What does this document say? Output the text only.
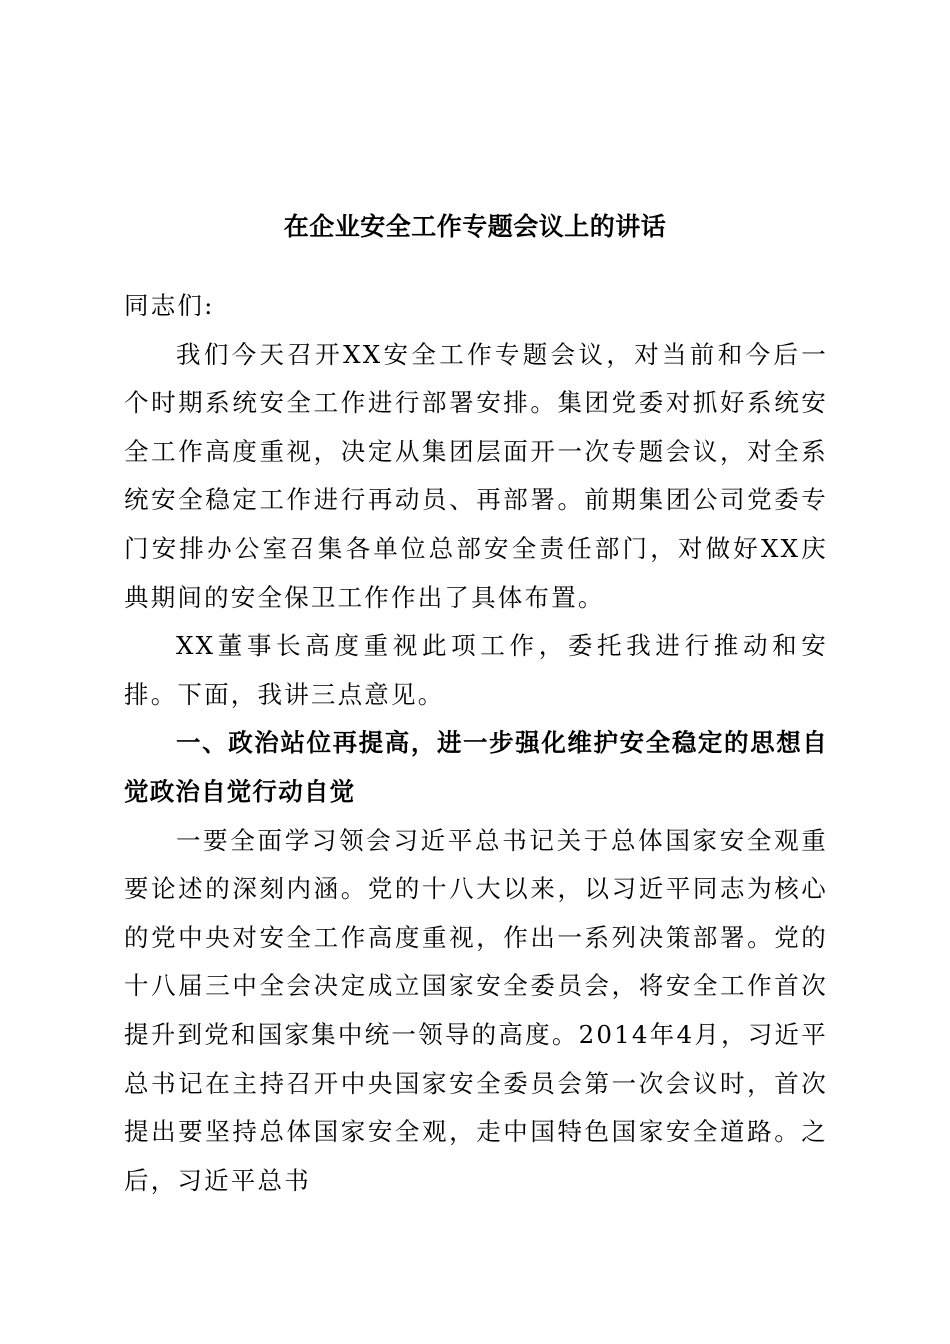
在企业安全工作专题会议上的讲话

同志们:

我们今天召开XX安全工作专题会议，对当前和今后一个时期系统安全工作进行部署安排。集团党委对抓好系统安全工作高度重视，决定从集团层面开一次专题会议，对全系统安全稳定工作进行再动员、再部署。前期集团公司党委专门安排办公室召集各单位总部安全责任部门，对做好XX庆典期间的安全保卫工作作出了具体布置。

XX董事长高度重视此项工作，委托我进行推动和安排。下面，我讲三点意见。

一、政治站位再提高，进一步强化维护安全稳定的思想自觉政治自觉行动自觉

一要全面学习领会习近平总书记关于总体国家安全观重要论述的深刻内涵。党的十八大以来，以习近平同志为核心的党中央对安全工作高度重视，作出一系列决策部署。党的十八届三中全会决定成立国家安全委员会，将安全工作首次提升到党和国家集中统一领导的高度。2014年4月，习近平总书记在主持召开中央国家安全委员会第一次会议时，首次提出要坚持总体国家安全观，走中国特色国家安全道路。之后，习近平总书
